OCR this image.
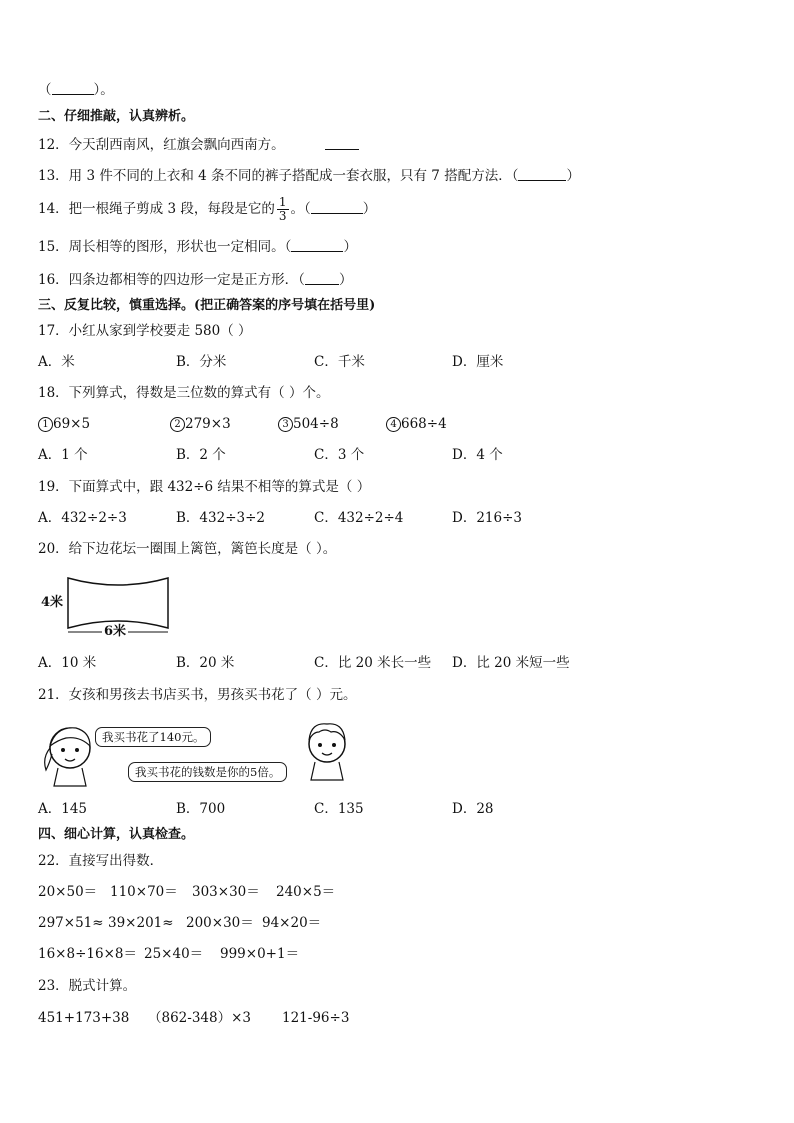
（	）。
二、仔细推敲，认真辨析。
12．今天刮西南风，红旗会飘向西南方。
13．用 3 件不同的上衣和 4 条不同的裤子搭配成一套衣服，只有 7 搭配方法．（	）
14．把一根绳子剪成 3 段，每段是它的 $\frac{1}{3}$ 。（	）
15．周长相等的图形，形状也一定相同。（	）
16．四条边都相等的四边形一定是正方形．（	）
三、反复比较，慎重选择。(把正确答案的序号填在括号里)
17．小红从家到学校要走 580（ ）
A．米	B．分米	C．千米	D．厘米
18．下列算式，得数是三位数的算式有（ ）个。
1 69×5	2 279×3	3 504÷8	4 668÷4
A．1 个	B．2 个	C．3 个	D．4 个
19．下面算式中，跟 432÷6 结果不相等的算式是（ ）
A．432÷2÷3	B．432÷3÷2	C．432÷2÷4	D．216÷3
20．给下边花坛一圈围上篱笆，篱笆长度是（ ）。
4米
6米
A．10 米	B．20 米	C．比 20 米长一些 D．比 20 米短一些
21．女孩和男孩去书店买书，男孩买书花了（ ）元。
我买书花了140元。
我买书花的钱数是你的5倍。
A．145	B．700	C．135	D．28
四、细心计算，认真检查。
22．直接写出得数．
20×50＝ 110×70＝ 303×30＝ 240×5＝
297×51≈ 39×201≈ 200×30＝ 94×20＝
16×8÷16×8＝ 25×40＝ 999×0+1＝
23．脱式计算。
451+173+38 （862-348）×3 121-96÷3
